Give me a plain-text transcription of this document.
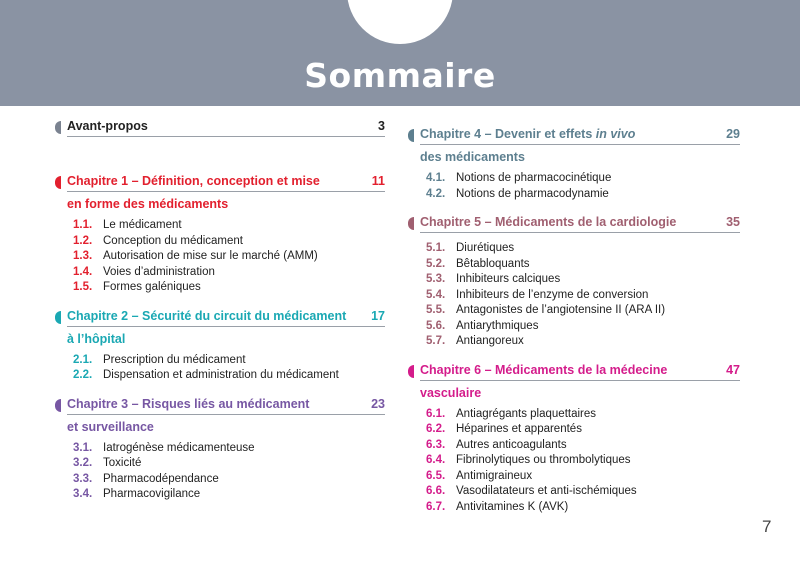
Sommaire
Avant-propos	3
Chapitre 1 – Définition, conception et mise	11
en forme des médicaments
1.1. Le médicament
1.2. Conception du médicament
1.3. Autorisation de mise sur le marché (AMM)
1.4. Voies d’administration
1.5. Formes galéniques
Chapitre 2 – Sécurité du circuit du médicament 17
à l’hôpital
2.1. Prescription du médicament
2.2. Dispensation et administration du médicament
Chapitre 3 – Risques liés au médicament	23
et surveillance
3.1. Iatrogénèse médicamenteuse
3.2. Toxicité
3.3. Pharmacodépendance
3.4. Pharmacovigilance
Chapitre 4 – Devenir et effets in vivo	29
des médicaments
4.1. Notions de pharmacocinétique
4.2. Notions de pharmacodynamie
Chapitre 5 – Médicaments de la cardiologie	35
5.1. Diurétiques
5.2. Bêtabloquants
5.3. Inhibiteurs calciques
5.4. Inhibiteurs de l’enzyme de conversion
5.5. Antagonistes de l’angiotensine II (ARA II)
5.6. Antiarythmiques
5.7. Antiangoreux
Chapitre 6 – Médicaments de la médecine	47
vasculaire
6.1. Antiagrégants plaquettaires
6.2. Héparines et apparentés
6.3. Autres anticoagulants
6.4. Fibrinolytiques ou thrombolytiques
6.5. Antimigraineux
6.6. Vasodilatateurs et anti-ischémiques
6.7. Antivitamines K (AVK)
7
